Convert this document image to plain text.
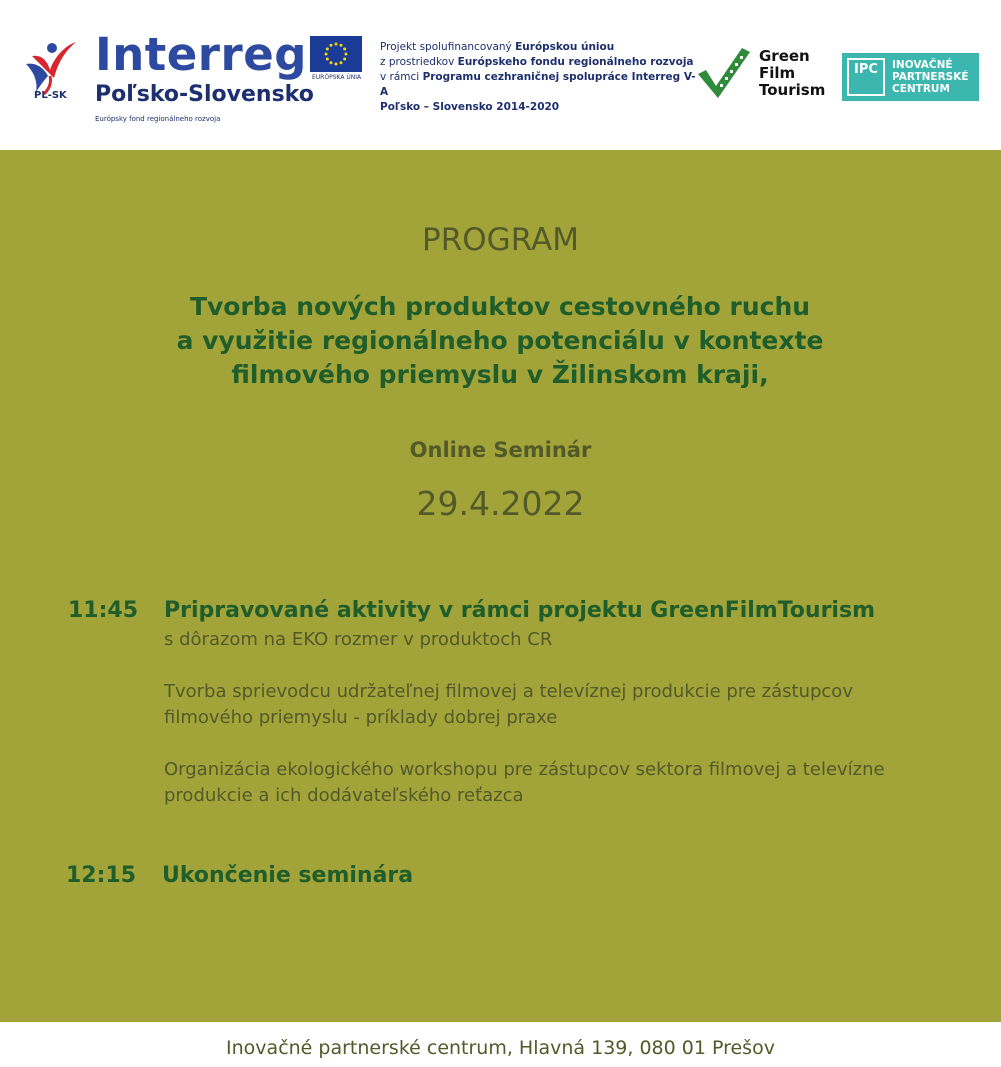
PL-SK
Interreg
Poľsko-Slovensko
Európsky fond regionálneho rozvoja
EURÓPSKA ÚNIA
Projekt spolufinancovaný Európskou úniou
z prostriedkov Európskeho fondu regionálneho rozvoja
v rámci Programu cezhraničnej spolupráce Interreg V-A
Poľsko – Slovensko 2014-2020
Green
Film
Tourism
IPC	INOVAČNÉ
PARTNERSKÉ
CENTRUM
PROGRAM
Tvorba nových produktov cestovného ruchu
a využitie regionálneho potenciálu v kontexte
filmového priemyslu v Žilinskom kraji,
Online Seminár
29.4.2022
11:45 Pripravované aktivity v rámci projektu GreenFilmTourism
s dôrazom na EKO rozmer v produktoch CR
Tvorba sprievodcu udržateľnej filmovej a televíznej produkcie pre zástupcov
filmového priemyslu - príklady dobrej praxe
Organizácia ekologického workshopu pre zástupcov sektora filmovej a televízne
produkcie a ich dodávateľského reťazca
12:15 Ukončenie seminára
Inovačné partnerské centrum, Hlavná 139, 080 01 Prešov
